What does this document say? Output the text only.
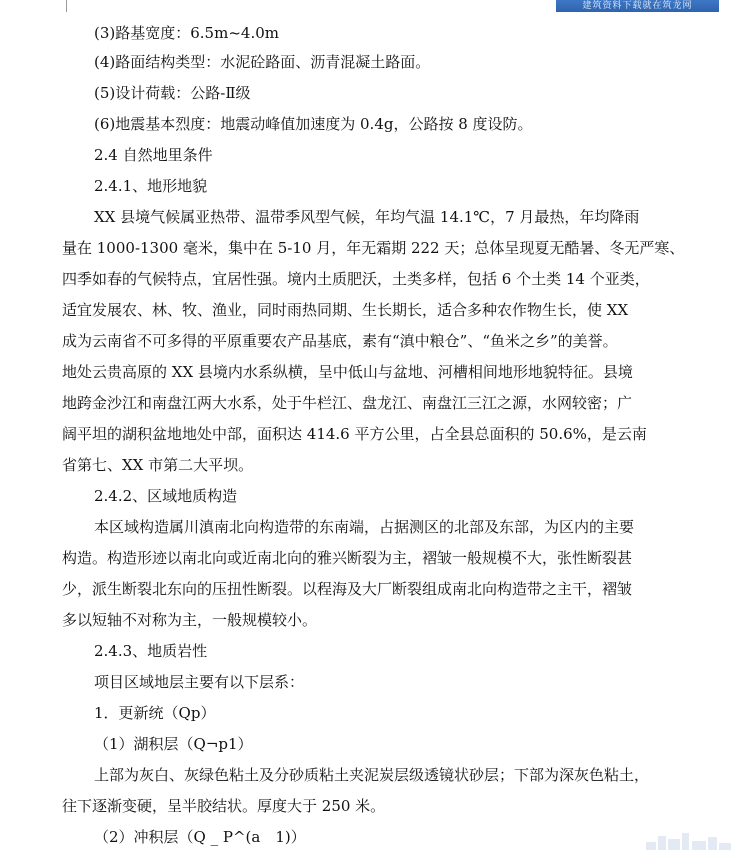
建筑资料下载就在筑龙网

(3)路基宽度：6.5m~4.0m

(4)路面结构类型：水泥砼路面、沥青混凝土路面。

(5)设计荷载：公路-Ⅱ级

(6)地震基本烈度：地震动峰值加速度为 0.4g，公路按 8 度设防。

2.4 自然地里条件

2.4.1、地形地貌

XX 县境气候属亚热带、温带季风型气候，年均气温 14.1℃，7 月最热，年均降雨

量在 1000-1300 毫米，集中在 5-10 月，年无霜期 222 天；总体呈现夏无酷暑、冬无严寒、

四季如春的气候特点，宜居性强。境内土质肥沃，土类多样，包括 6 个土类 14 个亚类，

适宜发展农、林、牧、渔业，同时雨热同期、生长期长，适合多种农作物生长，使 XX

成为云南省不可多得的平原重要农产品基底，素有“滇中粮仓”、“鱼米之乡”的美誉。

地处云贵高原的 XX 县境内水系纵横，呈中低山与盆地、河槽相间地形地貌特征。县境

地跨金沙江和南盘江两大水系，处于牛栏江、盘龙江、南盘江三江之源，水网较密；广

阔平坦的湖积盆地地处中部，面积达 414.6 平方公里，占全县总面积的 50.6%，是云南

省第七、XX 市第二大平坝。

2.4.2、区域地质构造

本区域构造属川滇南北向构造带的东南端，占据测区的北部及东部，为区内的主要

构造。构造形迹以南北向或近南北向的雅兴断裂为主，褶皱一般规模不大，张性断裂甚

少，派生断裂北东向的压扭性断裂。以程海及大厂断裂组成南北向构造带之主干，褶皱

多以短轴不对称为主，一般规模较小。

2.4.3、地质岩性

项目区域地层主要有以下层系：

1．更新统（Qp）

（1）湖积层（Q¬p1）

上部为灰白、灰绿色粘土及分砂质粘土夹泥炭层级透镜状砂层；下部为深灰色粘土，

往下逐渐变硬，呈半胶结状。厚度大于 250 米。

（2）冲积层（Q _ P^(a　1)）
